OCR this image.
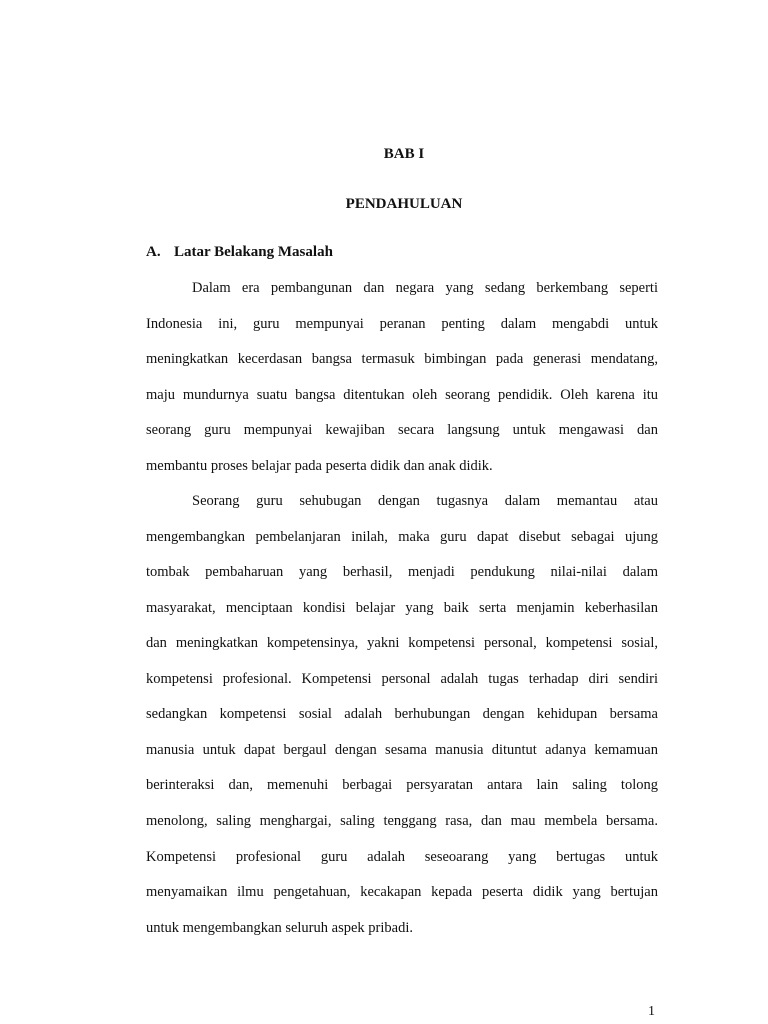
BAB I
PENDAHULUAN
A. Latar Belakang Masalah
Dalam era pembangunan dan negara yang sedang berkembang seperti
Indonesia ini, guru mempunyai peranan penting dalam mengabdi untuk
meningkatkan kecerdasan bangsa termasuk bimbingan pada generasi mendatang,
maju mundurnya suatu bangsa ditentukan oleh seorang pendidik. Oleh karena itu
seorang guru mempunyai kewajiban secara langsung untuk mengawasi dan
membantu proses belajar pada peserta didik dan anak didik.
Seorang guru sehubugan dengan tugasnya dalam memantau atau
mengembangkan pembelanjaran inilah, maka guru dapat disebut sebagai ujung
tombak pembaharuan yang berhasil, menjadi pendukung nilai-nilai dalam
masyarakat, menciptaan kondisi belajar yang baik serta menjamin keberhasilan
dan meningkatkan kompetensinya, yakni kompetensi personal, kompetensi sosial,
kompetensi profesional. Kompetensi personal adalah tugas terhadap diri sendiri
sedangkan kompetensi sosial adalah berhubungan dengan kehidupan bersama
manusia untuk dapat bergaul dengan sesama manusia dituntut adanya kemamuan
berinteraksi dan, memenuhi berbagai persyaratan antara lain saling tolong
menolong, saling menghargai, saling tenggang rasa, dan mau membela bersama.
Kompetensi profesional guru adalah seseoarang yang bertugas untuk
menyamaikan ilmu pengetahuan, kecakapan kepada peserta didik yang bertujan
untuk mengembangkan seluruh aspek pribadi.
1
